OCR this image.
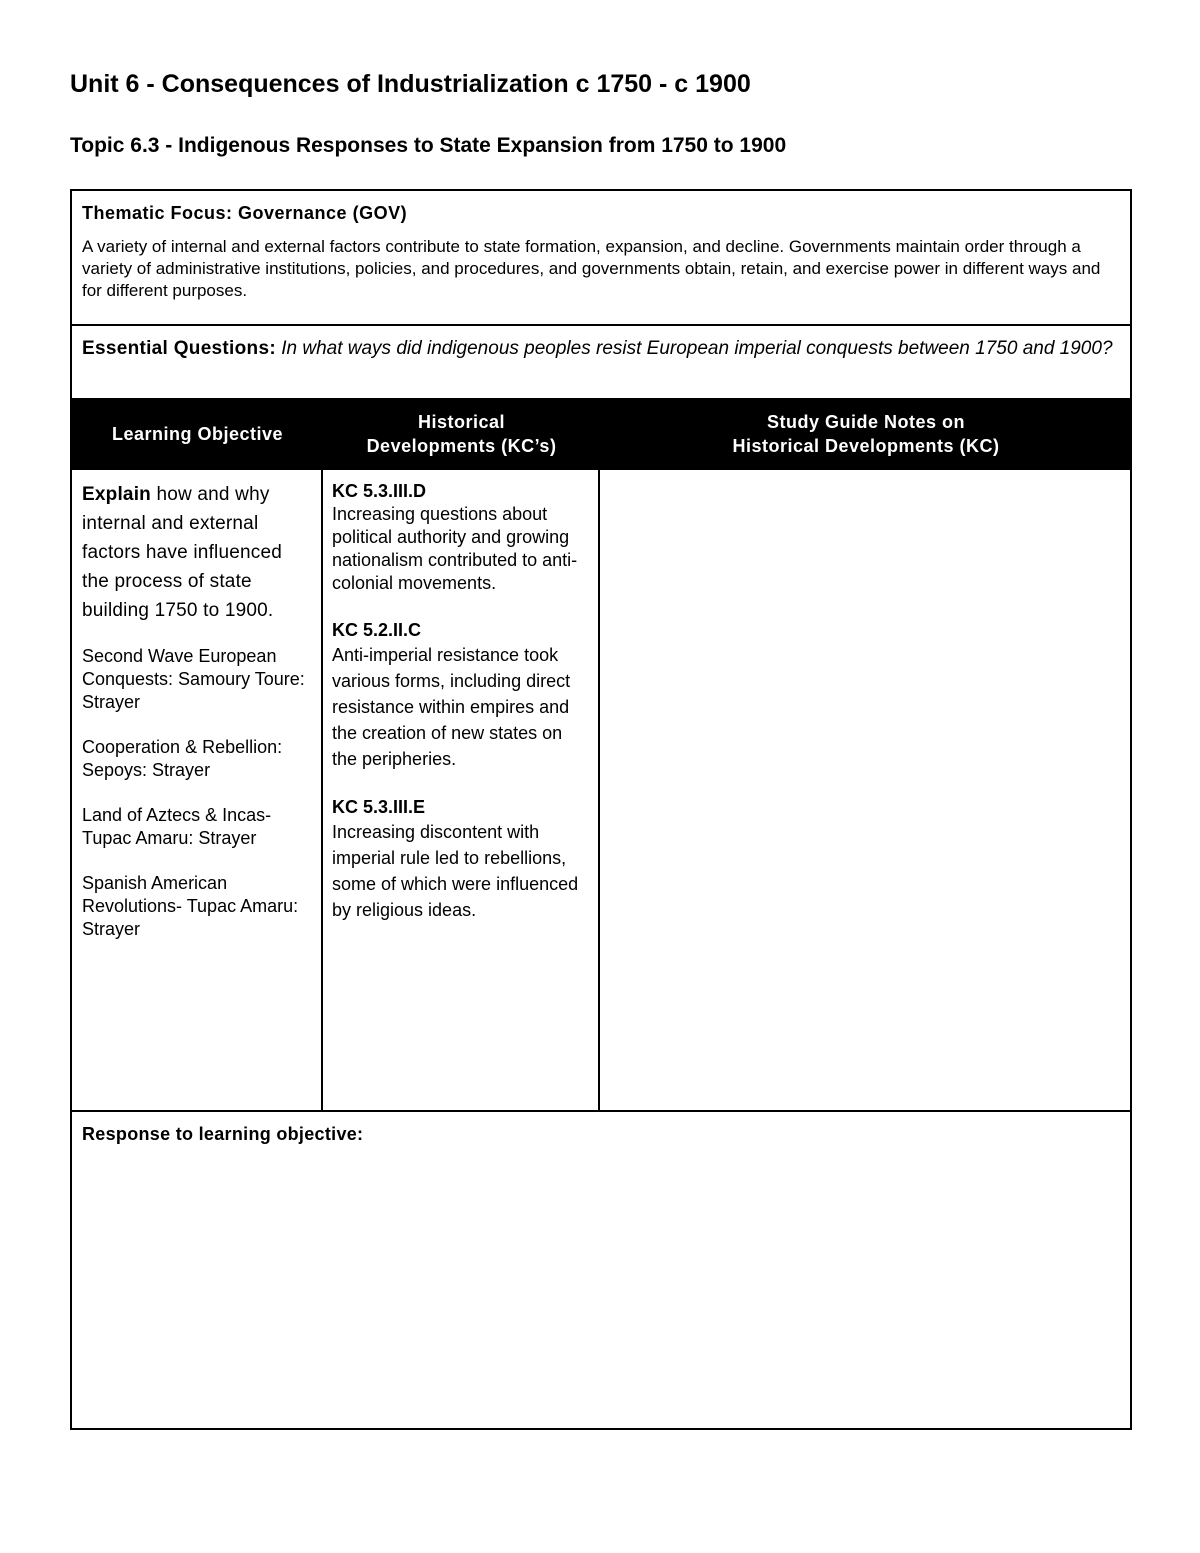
Unit 6 - Consequences of Industrialization c 1750 - c 1900
Topic 6.3 - Indigenous Responses to State Expansion from 1750 to 1900
Thematic Focus: Governance (GOV)
A variety of internal and external factors contribute to state formation, expansion, and decline. Governments maintain order through a variety of administrative institutions, policies, and procedures, and governments obtain, retain, and exercise power in different ways and for different purposes.
Essential Questions: In what ways did indigenous peoples resist European imperial conquests between 1750 and 1900?
Learning Objective
Historical
Developments (KC’s)
Study Guide Notes on
Historical Developments (KC)
Explain how and why internal and external factors have influenced the process of state building 1750 to 1900.
Second Wave European Conquests: Samoury Toure: Strayer
Cooperation & Rebellion: Sepoys: Strayer
Land of Aztecs & Incas- Tupac Amaru: Strayer
Spanish American Revolutions- Tupac Amaru: Strayer
KC 5.3.III.D
Increasing questions about political authority and growing nationalism contributed to anti-colonial movements.
KC 5.2.II.C
Anti-imperial resistance took various forms, including direct resistance within empires and the creation of new states on the peripheries.
KC 5.3.III.E
Increasing discontent with imperial rule led to rebellions, some of which were influenced by religious ideas.
Response to learning objective:
